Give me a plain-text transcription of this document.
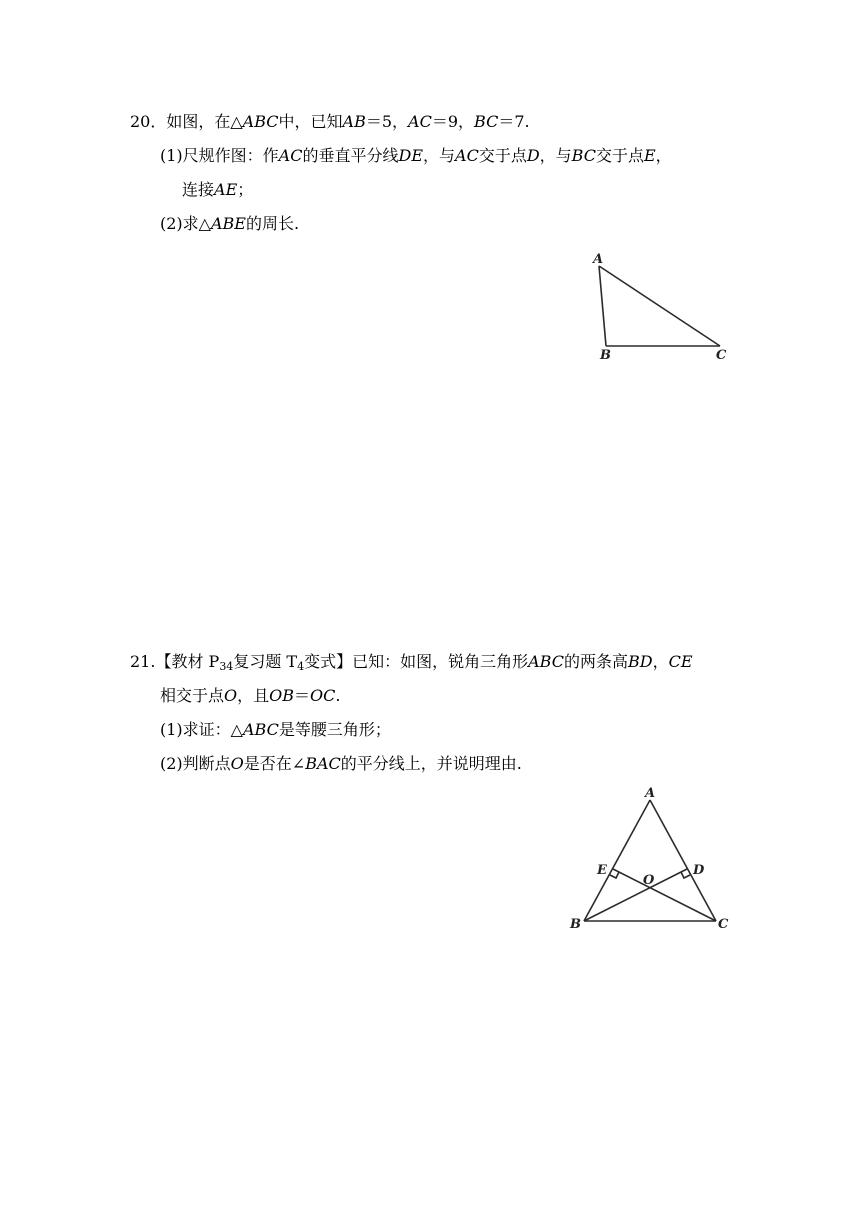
20．如图，在△ABC中，已知AB＝5，AC＝9，BC＝7.
(1)尺规作图：作AC的垂直平分线DE，与AC交于点D，与BC交于点E，
连接AE；
(2)求△ABE的周长.
A
B	C
21.【教材 $P_{34}$复习题 $T_4$变式】已知：如图，锐角三角形ABC的两条高BD，CE
相交于点O，且OB＝OC.
(1)求证：△ABC是等腰三角形；
(2)判断点O是否在∠BAC的平分线上，并说明理由.
A
B	C
D
E
O
